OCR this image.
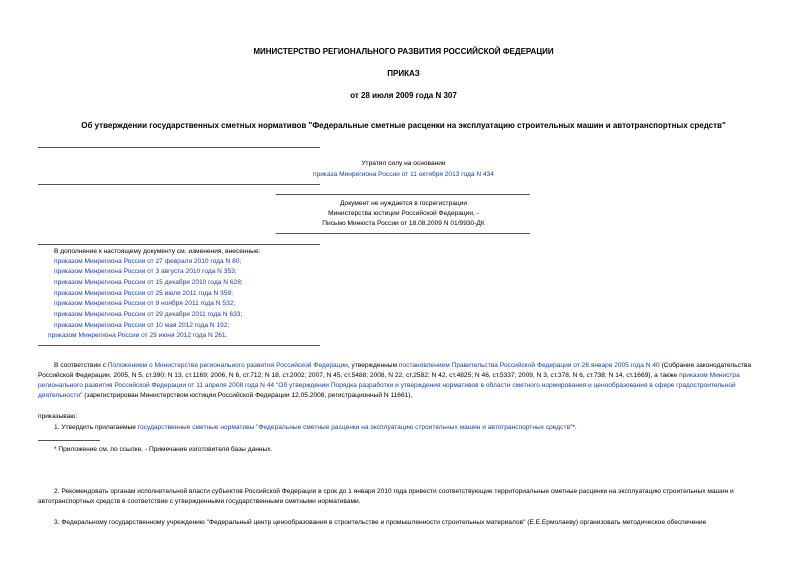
МИНИСТЕРСТВО РЕГИОНАЛЬНОГО РАЗВИТИЯ РОССИЙСКОЙ ФЕДЕРАЦИИ
ПРИКАЗ
от 28 июля 2009 года N 307
Об утверждении государственных сметных нормативов "Федеральные сметные расценки на эксплуатацию строительных машин и автотранспортных средств"
Утратил силу на основании
приказа Минрегиона России от 11 октября 2013 года N 434
Документ не нуждается в госрегистрации
Министерства юстиции Российской Федерации, -
Письмо Минюста России от 18.08.2009 N 01/9930-ДК
В дополнение к настоящему документу см. изменения, внесенные:
приказом Минрегиона России от 27 февраля 2010 года N 80;
приказом Минрегиона России от 3 августа 2010 года N 353;
приказом Минрегиона России от 15 декабря 2010 года N 628;
приказом Минрегиона России от 25 июля 2011 года N 359;
приказом Минрегиона России от 9 ноября 2011 года N 532;
приказом Минрегиона России от 29 декабря 2011 года N 633;
приказом Минрегиона России от 10 мая 2012 года N 192;
приказом Минрегиона России от 29 июня 2012 года N 261.
В соответствии с Положением о Министерстве регионального развития Российской Федерации, утвержденным постановлением Правительства Российской Федерации от 26 января 2005 года N 40 (Собрание законодательства Российской Федерации, 2005, N 5, ст.390; N 13, ст.1169; 2006, N 6, ст.712; N 18, ст.2002; 2007, N 45, ст.5488; 2008, N 22, ст.2582; N 42, ст.4825; N 46, ст.5337; 2009, N 3, ст.378, N 6, ст.738; N 14, ст.1669), а также приказом Министра регионального развития Российской Федерации от 11 апреля 2008 года N 44 "Об утверждении Порядка разработки и утверждения нормативов в области сметного нормирования и ценообразования в сфере градостроительной деятельности" (зарегистрирован Министерством юстиции Российской Федерации 12.05.2008, регистрационный N 11661),
приказываю:
1. Утвердить прилагаемые государственные сметные нормативы "Федеральные сметные расценки на эксплуатацию строительных машин и автотранспортных средств"*.
* Приложение см. по ссылке. - Примечание изготовителя базы данных.
2. Рекомендовать органам исполнительной власти субъектов Российской Федерации в срок до 1 января 2010 года привести соответствующие территориальные сметные расценки на эксплуатацию строительных машин и автотранспортных средств в соответствие с утвержденными государственными сметными нормативами.
3. Федеральному государственному учреждению "Федеральный центр ценообразования в строительстве и промышленности строительных материалов" (Е.Е.Ермолаеву) организовать методическое обеспечение
